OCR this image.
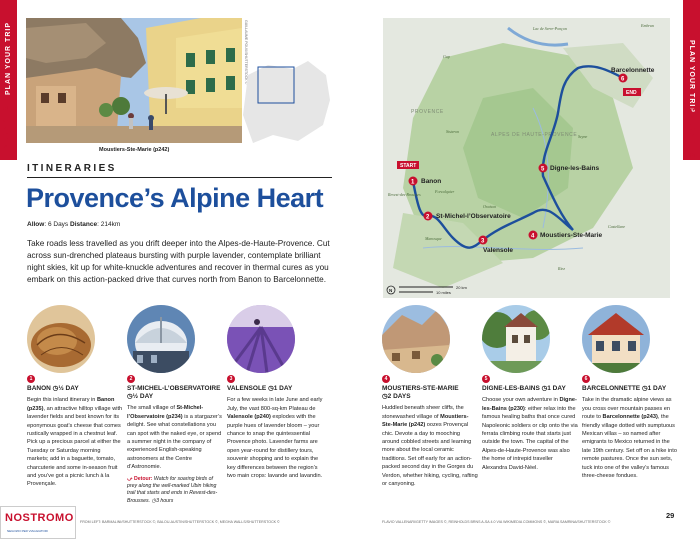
ITINERARIES
PLAN YOUR TRIP	PLAN YOUR TRIP
ITINERARIES
Moustiers-Ste-Marie (p242)
GUILLAUME POUX/SHUTTERSTOCK ©
ITINERARIES
Provence’s Alpine Heart
Allow: 6 Days Distance: 214km
Take roads less travelled as you drift deeper into the Alpes-de-Haute-Provence. Cut across sun-drenched plateaus bursting with purple lavender, contemplate brilliant night skies, kit up for white-knuckle adventures and recover in thermal cures as you embark on this action-packed drive that curves north from Banon to Barcelonnette.
PROVENCE
ALPES DE HAUTE-PROVENCE
Lac de Serre-Ponçon
Embrun
Gap
Sisteron
Forcalquier
Manosque
Oraison
Riez
Castellane
Seyne
START
END
1 Banon
Revest-des-Brousses
2 St-Michel-l’Observatoire
3
Valensole
4 Moustiers-Ste-Marie
5 Digne-les-Bains
6
Barcelonnette
N
20 km
10 miles
1
BANON ◷½ DAY
Begin this inland itinerary in Banon (p235), an attractive hilltop village with lavender fields and best known for its eponymous goat’s cheese that comes rustically wrapped in a chestnut leaf. Pick up a precious parcel at either the Tuesday or Saturday morning markets; add in a baguette, tomato, charcuterie and some in-season fruit and you’ve got a picnic lunch à la Provençale.
2
ST-MICHEL-L’OBSERVATOIRE ◷½ DAY
The small village of St-Michel-l’Observatoire (p234) is a stargazer’s delight. See what constellations you can spot with the naked eye, or spend a summer night in the company of experienced English-speaking astronomers at the Centre d’Astronomie.
⤻ Detour: Watch for soaring birds of prey along the well-marked Ubin hiking trail that starts and ends in Revest-des-Brousses. ◷3 hours
3
VALENSOLE ◷1 DAY
For a few weeks in late June and early July, the vast 800-sq-km Plateau de Valensole (p240) explodes with the purple hues of lavender bloom – your chance to snap the quintessential Provence photo. Lavender farms are open year-round for distillery tours, souvenir shopping and to explain the key differences between the region’s two main crops: lavande and lavandin.
4
MOUSTIERS-STE-MARIE
◷2 DAYS
Huddled beneath sheer cliffs, the stonewashed village of Moustiers-Ste-Marie (p242) oozes Provençal chic. Devote a day to mooching around cobbled streets and learning more about the local ceramic traditions. Set off early for an action-packed second day in the Gorges du Verdon, whether hiking, cycling, rafting or canyoning.
5
DIGNE-LES-BAINS ◷1 DAY
Choose your own adventure in Digne-les-Bains (p230): either relax into the famous healing baths that once cured Napoleonic soldiers or clip onto the via ferrata climbing route that starts just outside the town. The capital of the Alpes-de-Haute-Provence was also the home of intrepid traveller Alexandra David-Néel.
6
BARCELONNETTE ◷1 DAY
Take in the dramatic alpine views as you cross over mountain passes en route to Barcelonnette (p243), the friendly village dotted with sumptuous Mexican villas – so named after emigrants to Mexico returned in the late 19th century. Set off on a hike into remote pastures. Once the sun sets, tuck into one of the valley’s famous three-cheese fondues.
FROM LEFT: BARMALINI/SHUTTERSTOCK ©, BALOU-AUSTIN/SHUTTERSTOCK ©, MEGHA WALLS/SHUTTERSTOCK ©	FLAVIO VALLENARI/GETTY IMAGES ©, REINHOLDS BRNS A-SA 4.0 VIA WIKIMEDIA COMMONS ©, MARIA SAMRINA/SHUTTERSTOCK ©
29
NOSTROMO
NEGOZIO PER VIAGGIATORI
